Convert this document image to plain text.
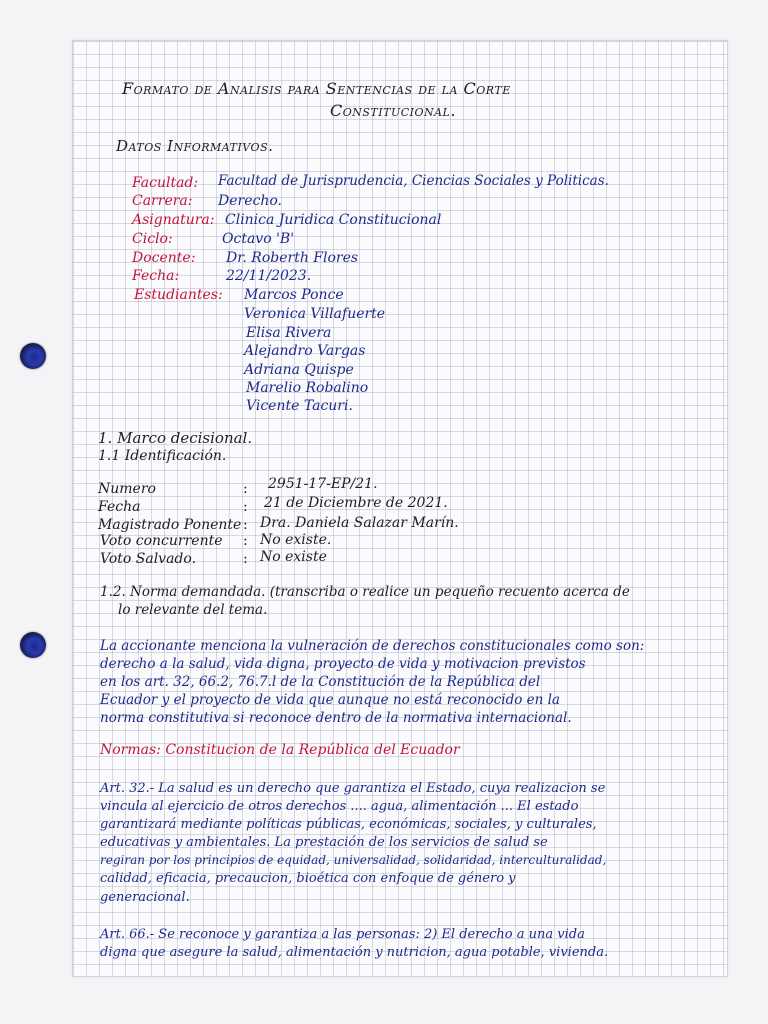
Formato de Analisis para Sentencias de la Corte
Constitucional.
Datos Informativos.
Facultad: Facultad de Jurisprudencia, Ciencias Sociales y Politicas.
Carrera: Derecho.
Asignatura: Clinica Juridica Constitucional
Ciclo:	Octavo 'B'
Docente: Dr. Roberth Flores
Fecha:	22/11/2023.
Estudiantes: Marcos Ponce
Veronica Villafuerte
Elisa Rivera
Alejandro Vargas
Adriana Quispe
Marelio Robalino
Vicente Tacuri.
1. Marco decisional.
1.1 Identificación.
Numero	: 2951-17-EP/21.
Fecha	: 21 de Diciembre de 2021.
Magistrado Ponente : Dra. Daniela Salazar Marín.
Voto concurrente : No existe.
Voto Salvado.	: No existe
1.2. Norma demandada. (transcriba o realice un pequeño recuento acerca de
lo relevante del tema.
La accionante menciona la vulneración de derechos constitucionales como son:
derecho a la salud, vida digna, proyecto de vida y motivacion previstos
en los art. 32, 66.2, 76.7.l de la Constitución de la República del
Ecuador y el proyecto de vida que aunque no está reconocido en la
norma constitutiva si reconoce dentro de la normativa internacional.
Normas: Constitucion de la República del Ecuador
Art. 32.- La salud es un derecho que garantiza el Estado, cuya realizacion se
vincula al ejercicio de otros derechos .... agua, alimentación ... El estado
garantizará mediante políticas públicas, económicas, sociales, y culturales,
educativas y ambientales. La prestación de los servicios de salud se
regiran por los principios de equidad, universalidad, solidaridad, interculturalidad,
calidad, eficacia, precaucion, bioética con enfoque de género y
generacional.
Art. 66.- Se reconoce y garantiza a las personas: 2) El derecho a una vida
digna que asegure la salud, alimentación y nutricion, agua potable, vivienda.
